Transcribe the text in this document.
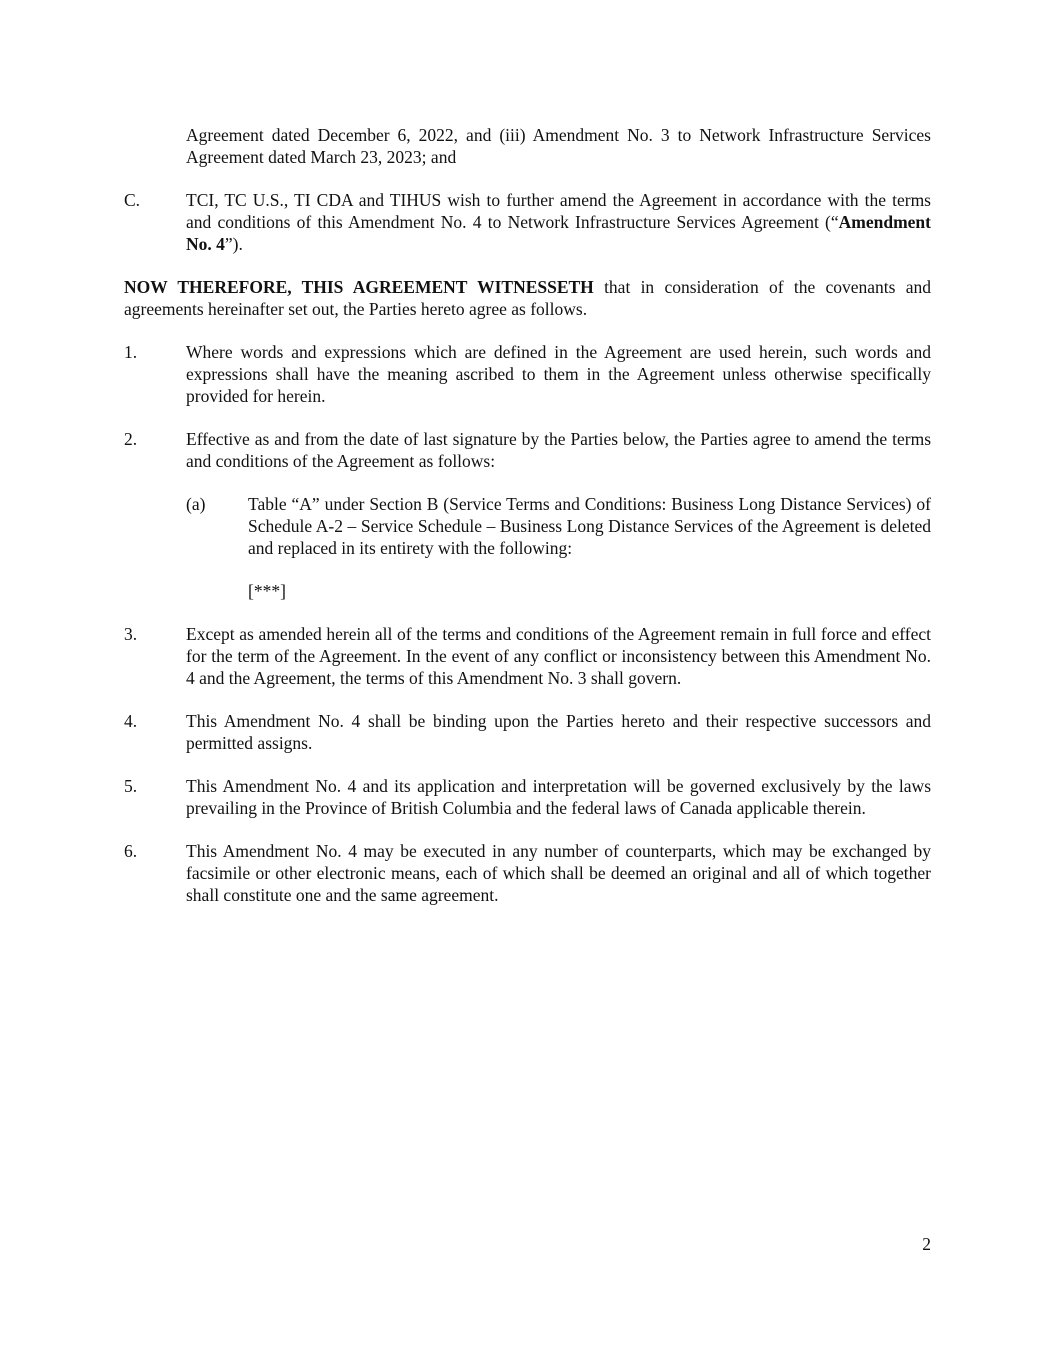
Agreement dated December 6, 2022, and (iii) Amendment No. 3 to Network Infrastructure Services Agreement dated March 23, 2023; and

C.	TCI, TC U.S., TI CDA and TIHUS wish to further amend the Agreement in accordance with the terms and conditions of this Amendment No. 4 to Network Infrastructure Services Agreement (“Amendment No. 4”).

NOW THEREFORE, THIS AGREEMENT WITNESSETH that in consideration of the covenants and agreements hereinafter set out, the Parties hereto agree as follows.

1.	Where words and expressions which are defined in the Agreement are used herein, such words and expressions shall have the meaning ascribed to them in the Agreement unless otherwise specifically provided for herein.

2.	Effective as and from the date of last signature by the Parties below, the Parties agree to amend the terms and conditions of the Agreement as follows:

(a)	Table “A” under Section B (Service Terms and Conditions: Business Long Distance Services) of Schedule A-2 – Service Schedule – Business Long Distance Services of the Agreement is deleted and replaced in its entirety with the following:

[***]

3.	Except as amended herein all of the terms and conditions of the Agreement remain in full force and effect for the term of the Agreement. In the event of any conflict or inconsistency between this Amendment No. 4 and the Agreement, the terms of this Amendment No. 3 shall govern.

4.	This Amendment No. 4 shall be binding upon the Parties hereto and their respective successors and permitted assigns.

5.	This Amendment No. 4 and its application and interpretation will be governed exclusively by the laws prevailing in the Province of British Columbia and the federal laws of Canada applicable therein.

6.	This Amendment No. 4 may be executed in any number of counterparts, which may be exchanged by facsimile or other electronic means, each of which shall be deemed an original and all of which together shall constitute one and the same agreement.

2
